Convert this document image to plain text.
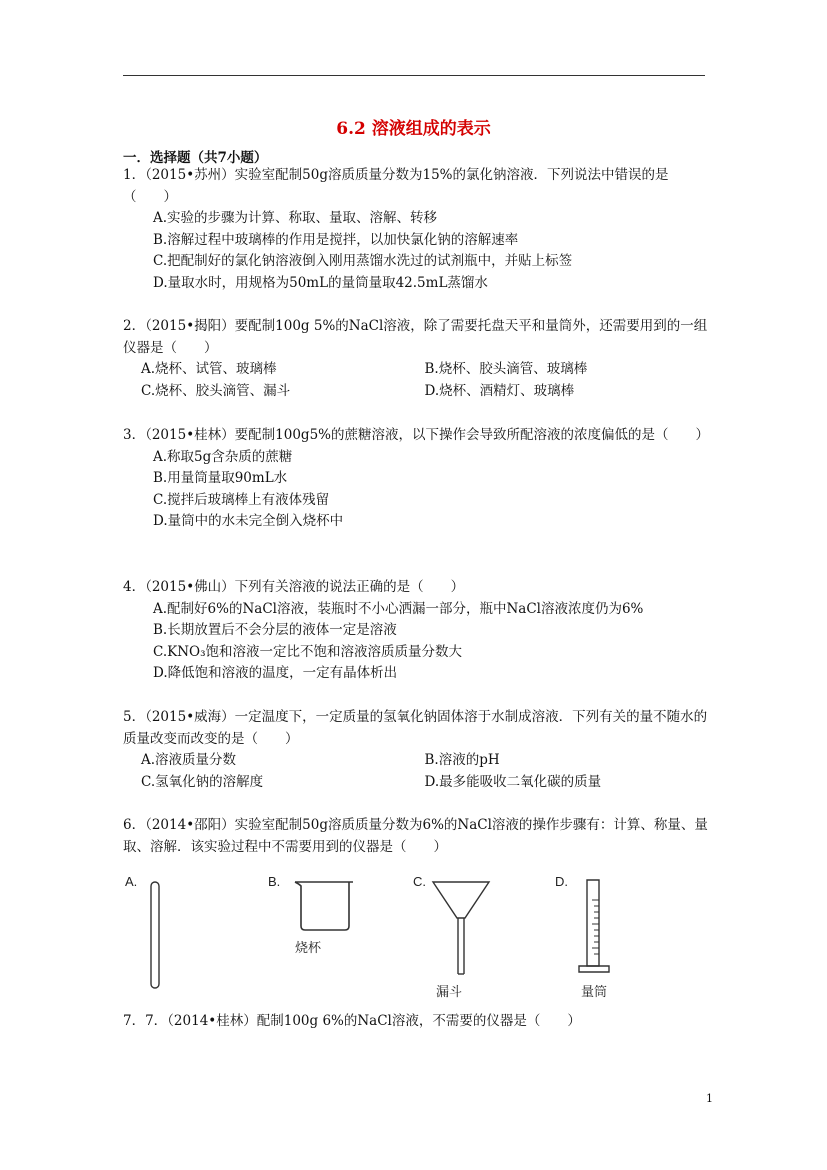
6.2 溶液组成的表示
一．选择题（共7小题）
1．（2015•苏州）实验室配制50g溶质质量分数为15%的氯化钠溶液．下列说法中错误的是（　　）
A.实验的步骤为计算、称取、量取、溶解、转移
B.溶解过程中玻璃棒的作用是搅拌，以加快氯化钠的溶解速率
C.把配制好的氯化钠溶液倒入刚用蒸馏水洗过的试剂瓶中，并贴上标签
D.量取水时，用规格为50mL的量筒量取42.5mL蒸馏水
2．（2015•揭阳）要配制100g 5%的NaCl溶液，除了需要托盘天平和量筒外，还需要用到的一组仪器是（　　）
A.烧杯、试管、玻璃棒	B.烧杯、胶头滴管、玻璃棒
C.烧杯、胶头滴管、漏斗	D.烧杯、酒精灯、玻璃棒
3．（2015•桂林）要配制100g5%的蔗糖溶液，以下操作会导致所配溶液的浓度偏低的是（　　）
A.称取5g含杂质的蔗糖
B.用量筒量取90mL水
C.搅拌后玻璃棒上有液体残留
D.量筒中的水未完全倒入烧杯中
4．（2015•佛山）下列有关溶液的说法正确的是（　　）
A.配制好6%的NaCl溶液，装瓶时不小心洒漏一部分，瓶中NaCl溶液浓度仍为6%
B.长期放置后不会分层的液体一定是溶液
C.KNO₃饱和溶液一定比不饱和溶液溶质质量分数大
D.降低饱和溶液的温度，一定有晶体析出
5．（2015•威海）一定温度下，一定质量的氢氧化钠固体溶于水制成溶液．下列有关的量不随水的质量改变而改变的是（　　）
A.溶液质量分数	B.溶液的pH
C.氢氧化钠的溶解度	D.最多能吸收二氧化碳的质量
6．（2014•邵阳）实验室配制50g溶质质量分数为6%的NaCl溶液的操作步骤有：计算、称量、量取、溶解．该实验过程中不需要用到的仪器是（　　）
A.	B.	C.	D.
烧杯
漏斗	量筒
7．7．（2014•桂林）配制100g 6%的NaCl溶液，不需要的仪器是（　　）
1
